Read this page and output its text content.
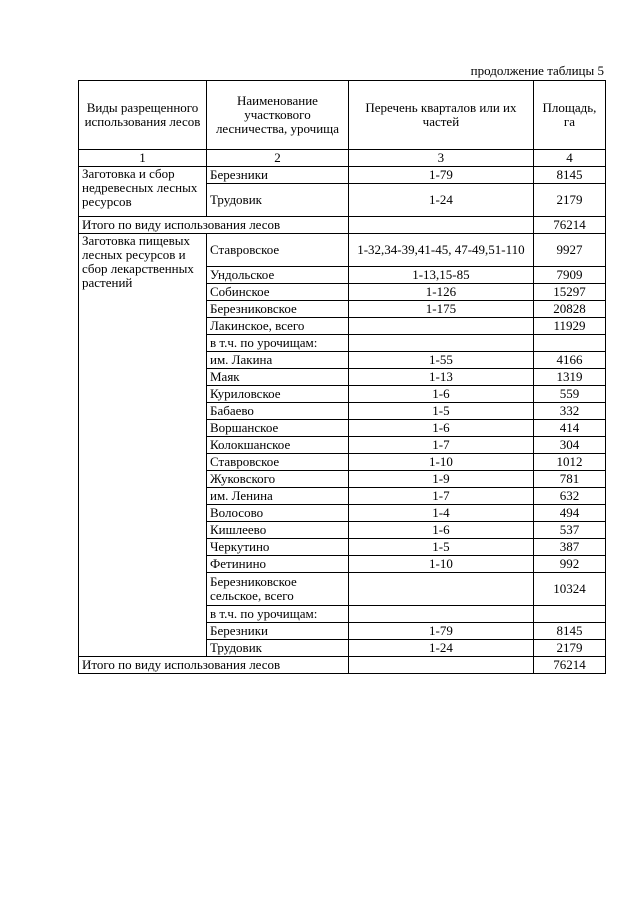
продолжение таблицы 5
Виды разрещенного использования лесов	Наименование участкового лесничества, урочища	Перечень кварталов или их частей	Площадь, га
1	2	3	4
Заготовка и сбор недревесных лесных ресурсов	Березники	1-79	8145
	Трудовик	1-24	2179
Итого по виду использования лесов			76214
Заготовка пищевых лесных ресурсов и сбор лекарственных растений	Ставровское	1-32,34-39,41-45, 47-49,51-110	9927
	Ундольское	1-13,15-85	7909
	Собинское	1-126	15297
	Березниковское	1-175	20828
	Лакинское, всего		11929
	в т.ч. по урочищам:		
	им. Лакина	1-55	4166
	Маяк	1-13	1319
	Куриловское	1-6	559
	Бабаево	1-5	332
	Воршанское	1-6	414
	Колокшанское	1-7	304
	Ставровское	1-10	1012
	Жуковского	1-9	781
	им. Ленина	1-7	632
	Волосово	1-4	494
	Кишлеево	1-6	537
	Черкутино	1-5	387
	Фетинино	1-10	992
	Березниковское сельское, всего		10324
	в т.ч. по урочищам:		
	Березники	1-79	8145
	Трудовик	1-24	2179
Итого по виду использования лесов			76214
